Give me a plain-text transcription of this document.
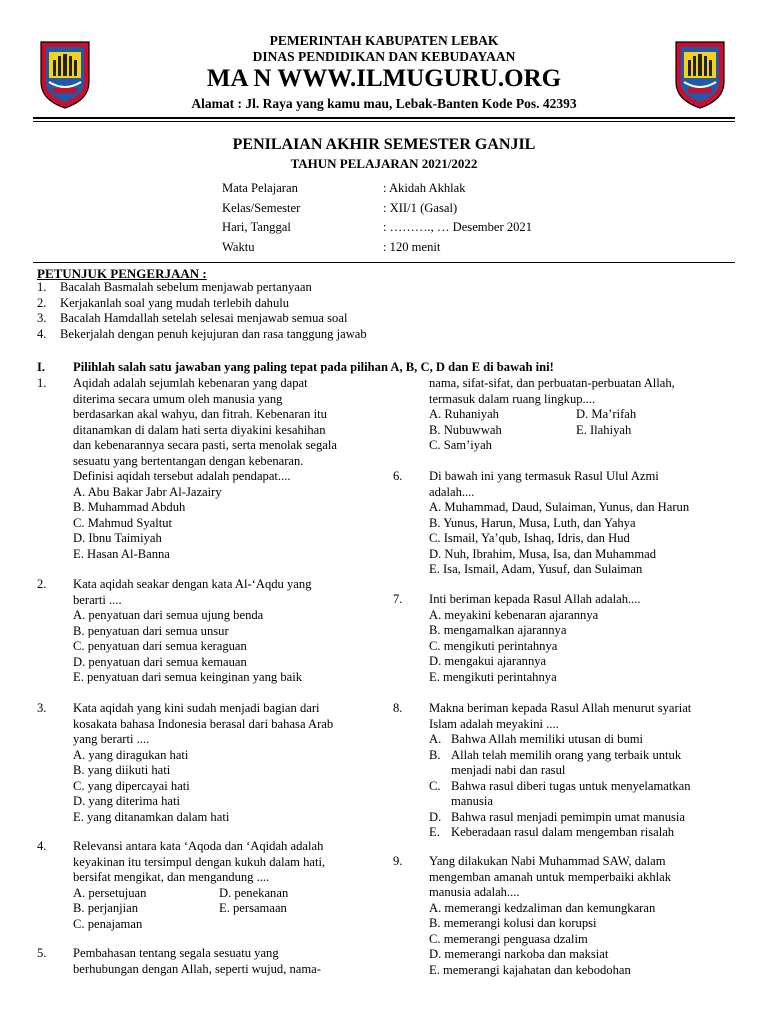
PEMERINTAH KABUPATEN LEBAK
DINAS PENDIDIKAN DAN KEBUDAYAAN
MA N WWW.ILMUGURU.ORG
Alamat : Jl. Raya yang kamu mau, Lebak-Banten Kode Pos. 42393
PENILAIAN AKHIR SEMESTER GANJIL
TAHUN PELAJARAN 2021/2022
Mata Pelajaran	: Akidah Akhlak
Kelas/Semester	: XII/1 (Gasal)
Hari, Tanggal	: ………., … Desember 2021
Waktu	: 120 menit
PETUNJUK PENGERJAAN :
1. Bacalah Basmalah sebelum menjawab pertanyaan
2. Kerjakanlah soal yang mudah terlebih dahulu
3. Bacalah Hamdallah setelah selesai menjawab semua soal
4. Bekerjalah dengan penuh kejujuran dan rasa tanggung jawab
I. Pilihlah salah satu jawaban yang paling tepat pada pilihan A, B, C, D dan E di bawah ini!
1. Aqidah adalah sejumlah kebenaran yang dapat
diterima secara umum oleh manusia yang
berdasarkan akal wahyu, dan fitrah. Kebenaran itu
ditanamkan di dalam hati serta diyakini kesahihan
dan kebenarannya secara pasti, serta menolak segala
sesuatu yang bertentangan dengan kebenaran.
Definisi aqidah tersebut adalah pendapat....
A. Abu Bakar Jabr Al-Jazairy
B. Muhammad Abduh
C. Mahmud Syaltut
D. Ibnu Taimiyah
E. Hasan Al-Banna
2. Kata aqidah seakar dengan kata Al-‘Aqdu yang
berarti ....
A. penyatuan dari semua ujung benda
B. penyatuan dari semua unsur
C. penyatuan dari semua keraguan
D. penyatuan dari semua kemauan
E. penyatuan dari semua keinginan yang baik
3. Kata aqidah yang kini sudah menjadi bagian dari
kosakata bahasa Indonesia berasal dari bahasa Arab
yang berarti ....
A. yang diragukan hati
B. yang diikuti hati
C. yang dipercayai hati
D. yang diterima hati
E. yang ditanamkan dalam hati
4. Relevansi antara kata ‘Aqoda dan ‘Aqidah adalah
keyakinan itu tersimpul dengan kukuh dalam hati,
bersifat mengikat, dan mengandung ....
A. persetujuan
B. perjanjian
C. penajaman
D. penekanan
E. persamaan
5. Pembahasan tentang segala sesuatu yang
berhubungan dengan Allah, seperti wujud, nama-
nama, sifat-sifat, dan perbuatan-perbuatan Allah,
termasuk dalam ruang lingkup....
A. Ruhaniyah
B. Nubuwwah
C. Sam’iyah
D. Ma’rifah
E. Ilahiyah
6. Di bawah ini yang termasuk Rasul Ulul Azmi
adalah....
A. Muhammad, Daud, Sulaiman, Yunus, dan Harun
B. Yunus, Harun, Musa, Luth, dan Yahya
C. Ismail, Ya’qub, Ishaq, Idris, dan Hud
D. Nuh, Ibrahim, Musa, Isa, dan Muhammad
E. Isa, Ismail, Adam, Yusuf, dan Sulaiman
7. Inti beriman kepada Rasul Allah adalah....
A. meyakini kebenaran ajarannya
B. mengamalkan ajarannya
C. mengikuti perintahnya
D. mengakui ajarannya
E. mengikuti perintahnya
8. Makna beriman kepada Rasul Allah menurut syariat
Islam adalah meyakini ....
A. Bahwa Allah memiliki utusan di bumi
B. Allah telah memilih orang yang terbaik untuk
menjadi nabi dan rasul
C. Bahwa rasul diberi tugas untuk menyelamatkan
manusia
D. Bahwa rasul menjadi pemimpin umat manusia
E. Keberadaan rasul dalam mengemban risalah
9. Yang dilakukan Nabi Muhammad SAW, dalam
mengemban amanah untuk memperbaiki akhlak
manusia adalah....
A. memerangi kedzaliman dan kemungkaran
B. memerangi kolusi dan korupsi
C. memerangi penguasa dzalim
D. memerangi narkoba dan maksiat
E. memerangi kajahatan dan kebodohan
